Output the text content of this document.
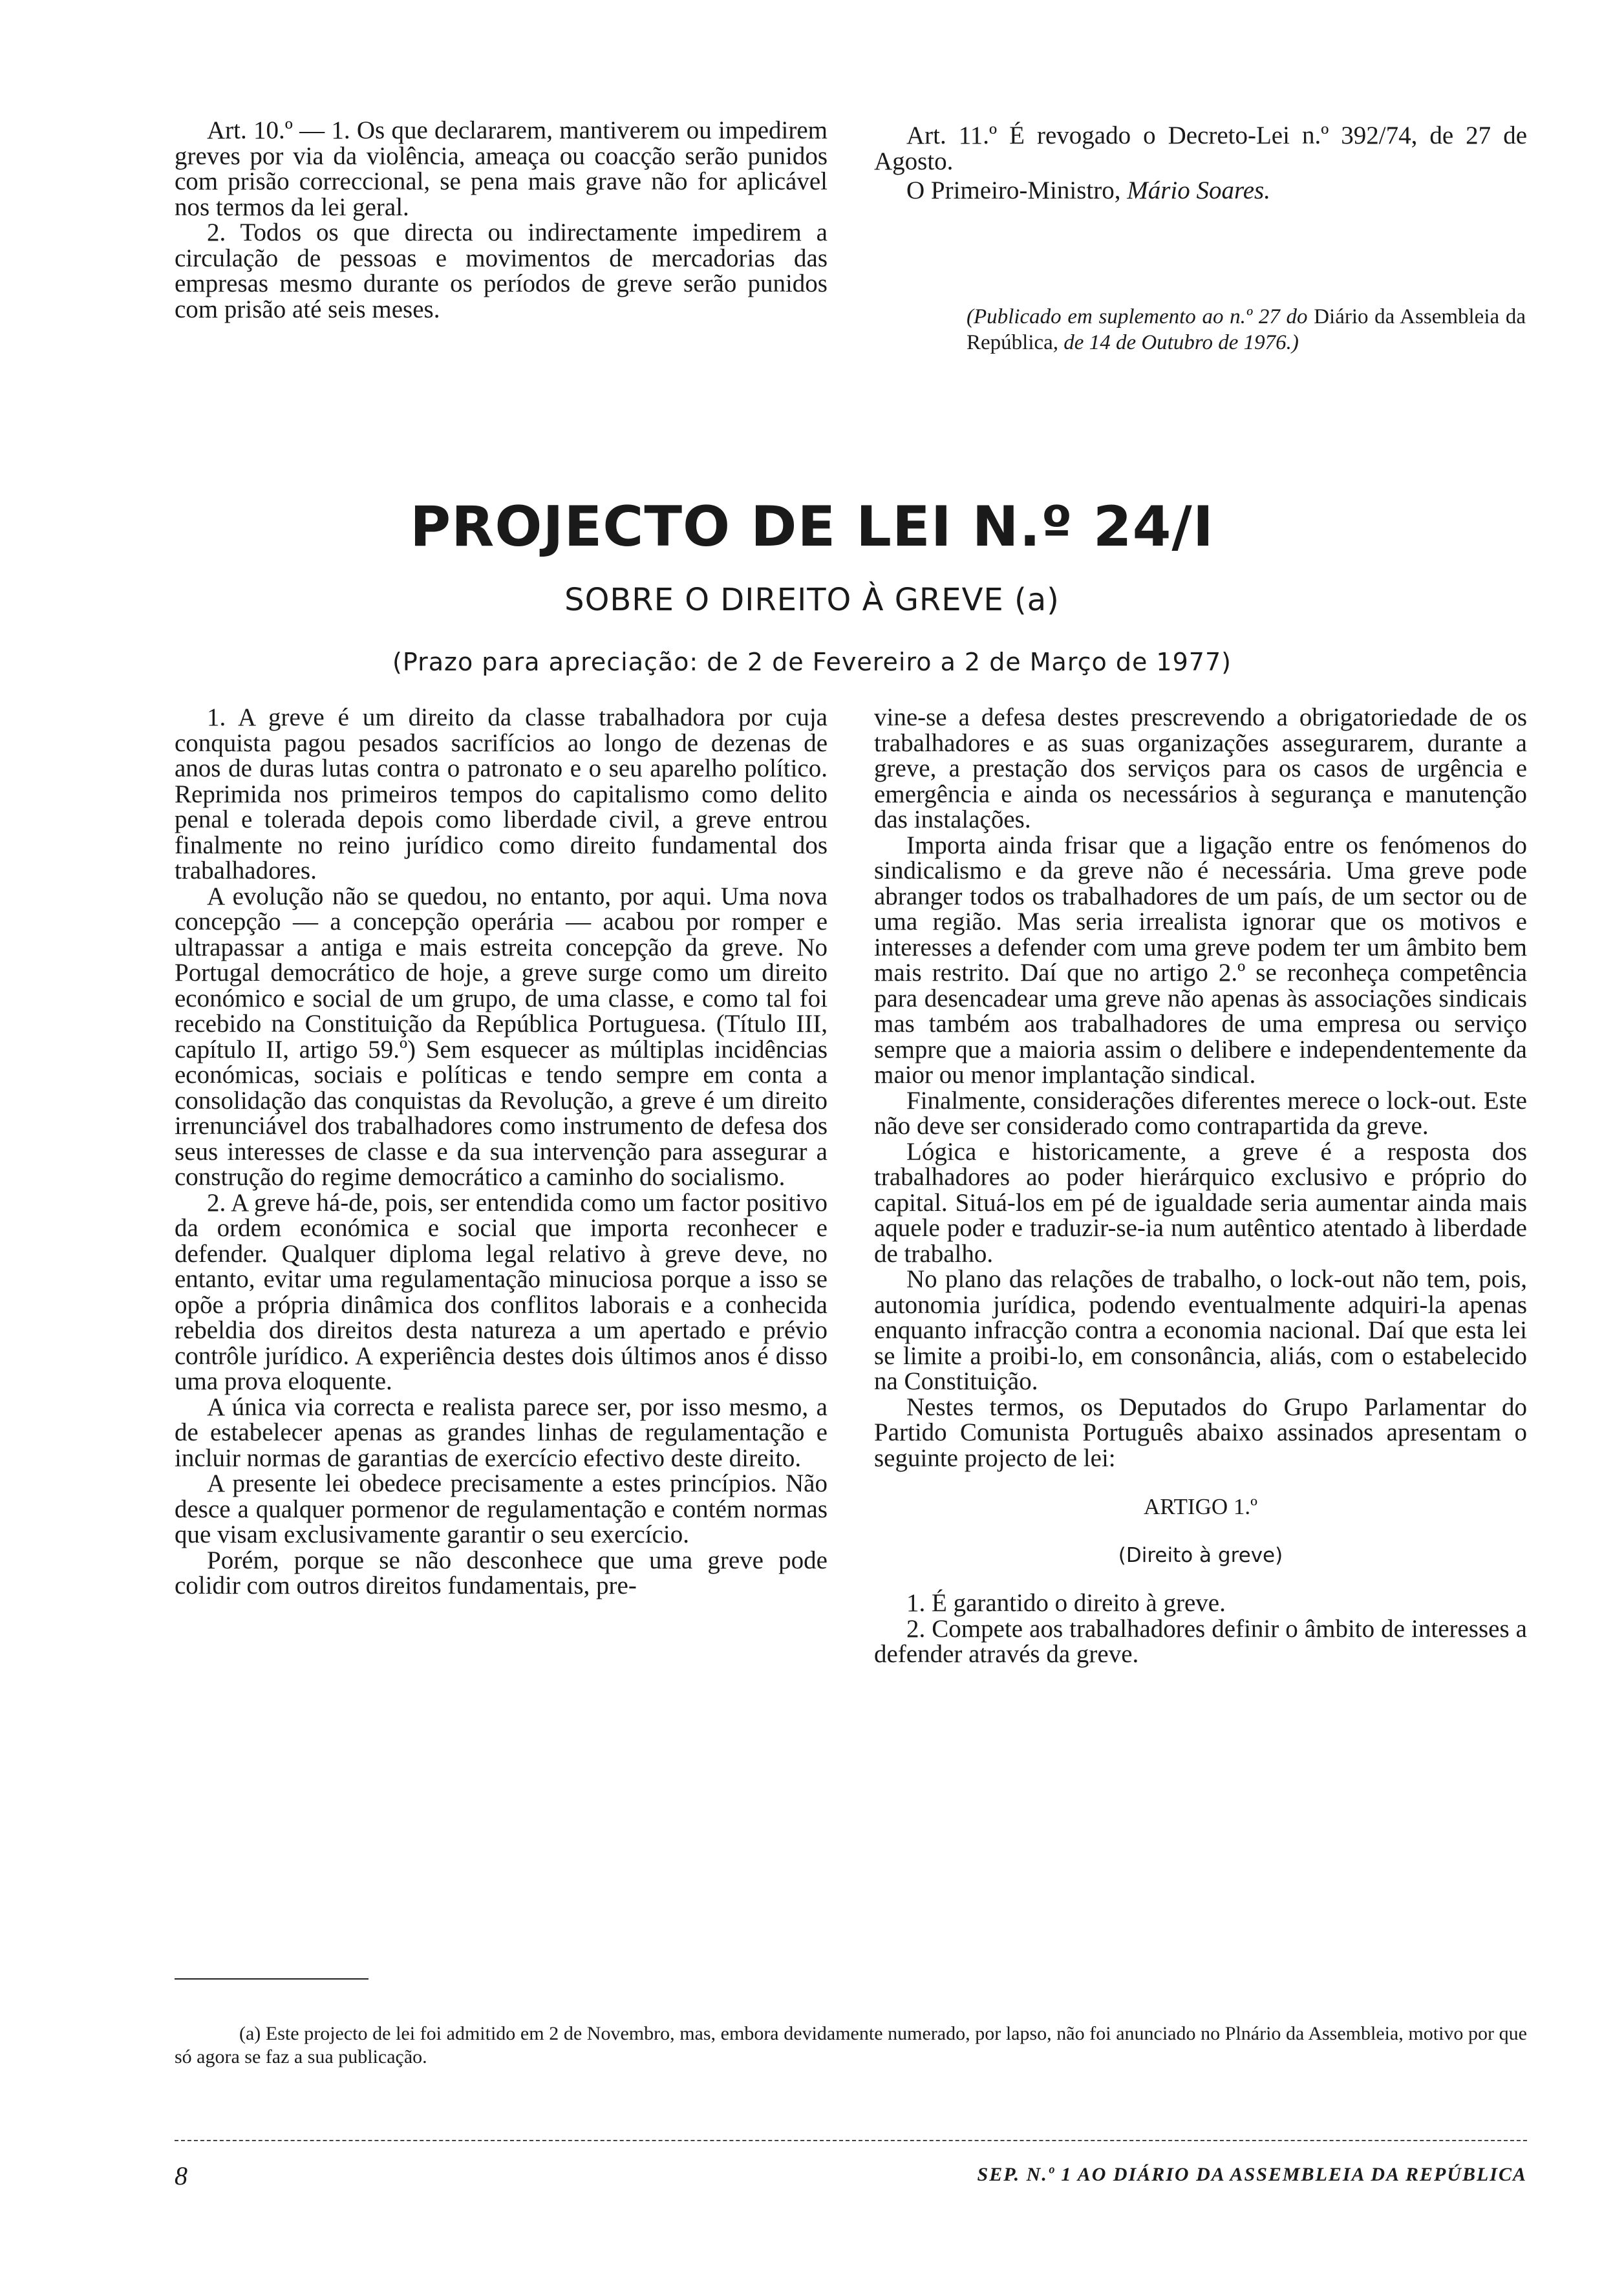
Art. 10.º — 1. Os que declararem, mantiverem ou impedirem greves por via da violência, ameaça ou coacção serão punidos com prisão correccional, se pena mais grave não for aplicável nos termos da lei geral.

2. Todos os que directa ou indirectamente impedirem a circulação de pessoas e movimentos de mercadorias das empresas mesmo durante os períodos de greve serão punidos com prisão até seis meses.

Art. 11.º É revogado o Decreto-Lei n.º 392/74, de 27 de Agosto.

O Primeiro-Ministro, Mário Soares.

(Publicado em suplemento ao n.º 27 do Diário da Assembleia da República, de 14 de Outubro de 1976.)
PROJECTO DE LEI N.º 24/I
SOBRE O DIREITO À GREVE (a)
(Prazo para apreciação: de 2 de Fevereiro a 2 de Março de 1977)

1. A greve é um direito da classe trabalhadora por cuja conquista pagou pesados sacrifícios ao longo de dezenas de anos de duras lutas contra o patronato e o seu aparelho político. Reprimida nos primeiros tempos do capitalismo como delito penal e tolerada depois como liberdade civil, a greve entrou finalmente no reino jurídico como direito fundamental dos trabalhadores.

A evolução não se quedou, no entanto, por aqui. Uma nova concepção — a concepção operária — acabou por romper e ultrapassar a antiga e mais estreita concepção da greve. No Portugal democrático de hoje, a greve surge como um direito económico e social de um grupo, de uma classe, e como tal foi recebido na Constituição da República Portuguesa. (Título III, capítulo II, artigo 59.º) Sem esquecer as múltiplas incidências económicas, sociais e políticas e tendo sempre em conta a consolidação das conquistas da Revolução, a greve é um direito irrenunciável dos trabalhadores como instrumento de defesa dos seus interesses de classe e da sua intervenção para assegurar a construção do regime democrático a caminho do socialismo.

2. A greve há-de, pois, ser entendida como um factor positivo da ordem económica e social que importa reconhecer e defender. Qualquer diploma legal relativo à greve deve, no entanto, evitar uma regulamentação minuciosa porque a isso se opõe a própria dinâmica dos conflitos laborais e a conhecida rebeldia dos direitos desta natureza a um apertado e prévio contrôle jurídico. A experiência destes dois últimos anos é disso uma prova eloquente.

A única via correcta e realista parece ser, por isso mesmo, a de estabelecer apenas as grandes linhas de regulamentação e incluir normas de garantias de exercício efectivo deste direito.

A presente lei obedece precisamente a estes princípios. Não desce a qualquer pormenor de regulamentação e contém normas que visam exclusivamente garantir o seu exercício.

Porém, porque se não desconhece que uma greve pode colidir com outros direitos fundamentais, pre-

vine-se a defesa destes prescrevendo a obrigatoriedade de os trabalhadores e as suas organizações assegurarem, durante a greve, a prestação dos serviços para os casos de urgência e emergência e ainda os necessários à segurança e manutenção das instalações.

Importa ainda frisar que a ligação entre os fenómenos do sindicalismo e da greve não é necessária. Uma greve pode abranger todos os trabalhadores de um país, de um sector ou de uma região. Mas seria irrealista ignorar que os motivos e interesses a defender com uma greve podem ter um âmbito bem mais restrito. Daí que no artigo 2.º se reconheça competência para desencadear uma greve não apenas às associações sindicais mas também aos trabalhadores de uma empresa ou serviço sempre que a maioria assim o delibere e independentemente da maior ou menor implantação sindical.

Finalmente, considerações diferentes merece o lock-out. Este não deve ser considerado como contrapartida da greve.

Lógica e historicamente, a greve é a resposta dos trabalhadores ao poder hierárquico exclusivo e próprio do capital. Situá-los em pé de igualdade seria aumentar ainda mais aquele poder e traduzir-se-ia num autêntico atentado à liberdade de trabalho.

No plano das relações de trabalho, o lock-out não tem, pois, autonomia jurídica, podendo eventualmente adquiri-la apenas enquanto infracção contra a economia nacional. Daí que esta lei se limite a proibi-lo, em consonância, aliás, com o estabelecido na Constituição.

Nestes termos, os Deputados do Grupo Parlamentar do Partido Comunista Português abaixo assinados apresentam o seguinte projecto de lei:

ARTIGO 1.º

(Direito à greve)

1. É garantido o direito à greve.

2. Compete aos trabalhadores definir o âmbito de interesses a defender através da greve.

(a) Este projecto de lei foi admitido em 2 de Novembro, mas, embora devidamente numerado, por lapso, não foi anunciado no Plnário da Assembleia, motivo por que só agora se faz a sua publicação.
8	SEP. N.º 1 AO DIÁRIO DA ASSEMBLEIA DA REPÚBLICA
